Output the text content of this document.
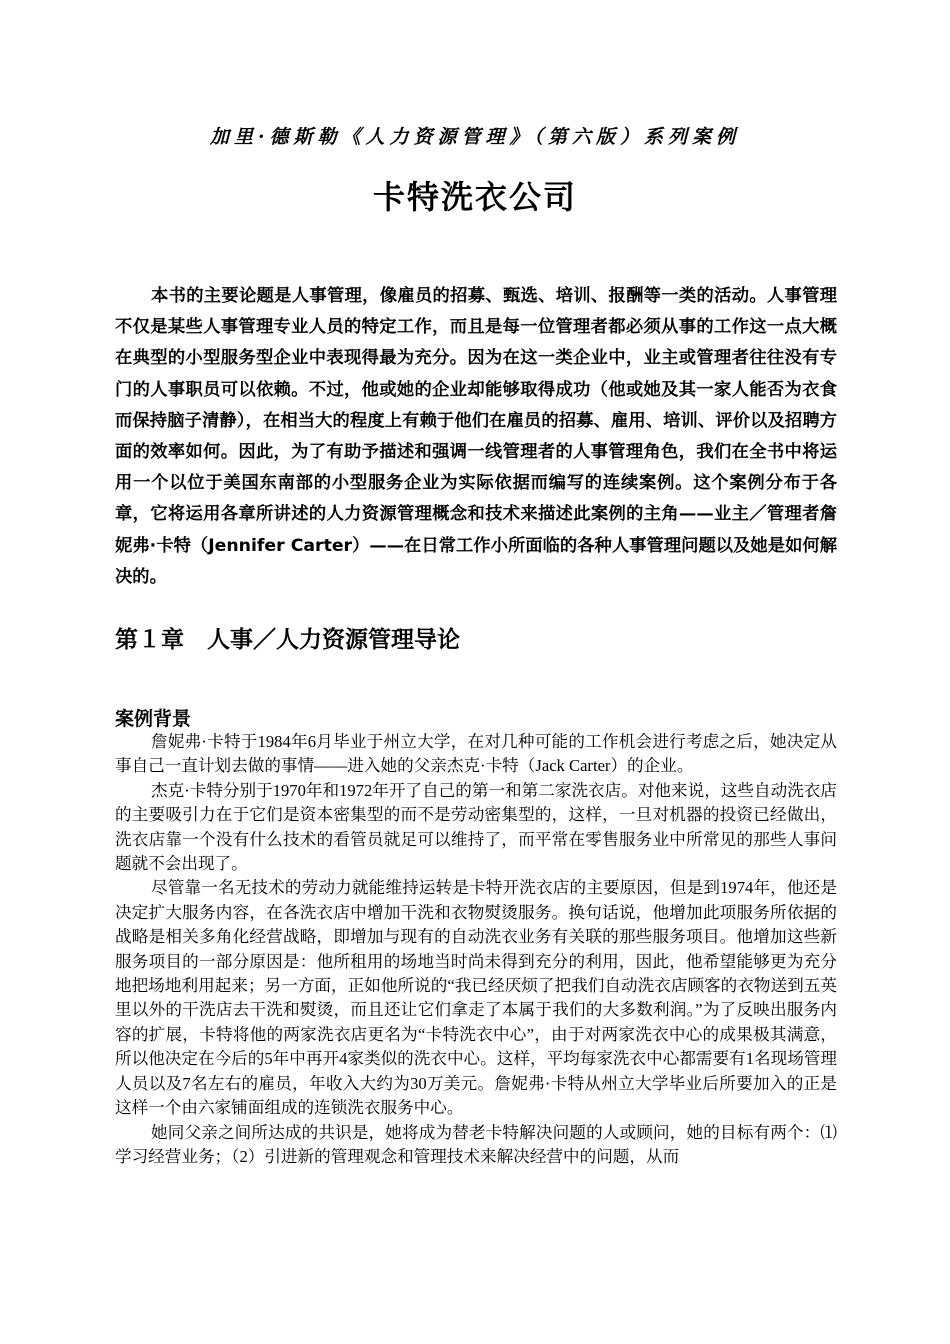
加里·德斯勒《人力资源管理》（第六版）系列案例
卡特洗衣公司

本书的主要论题是人事管理，像雇员的招募、甄选、培训、报酬等一类的活动。人事管理不仅是某些人事管理专业人员的特定工作，而且是每一位管理者都必须从事的工作这一点大概在典型的小型服务型企业中表现得最为充分。因为在这一类企业中，业主或管理者往往没有专门的人事职员可以依赖。不过，他或她的企业却能够取得成功（他或她及其一家人能否为衣食而保持脑子清静），在相当大的程度上有赖于他们在雇员的招募、雇用、培训、评价以及招聘方面的效率如何。因此，为了有助予描述和强调一线管理者的人事管理角色，我们在全书中将运用一个以位于美国东南部的小型服务企业为实际依据而编写的连续案例。这个案例分布于各章，它将运用各章所讲述的人力资源管理概念和技术来描述此案例的主角——业主／管理者詹妮弗·卡特（Jennifer Carter）——在日常工作小所面临的各种人事管理问题以及她是如何解决的。

第１章　人事／人力资源管理导论
案例背景

詹妮弗·卡特于1984年6月毕业于州立大学，在对几种可能的工作机会进行考虑之后，她决定从事自己一直计划去做的事情——进入她的父亲杰克·卡特（Jack Carter）的企业。

杰克·卡特分别于1970年和1972年开了自己的第一和第二家洗衣店。对他来说，这些自动洗衣店的主要吸引力在于它们是资本密集型的而不是劳动密集型的，这样，一旦对机器的投资已经做出，洗衣店靠一个没有什么技术的看管员就足可以维持了，而平常在零售服务业中所常见的那些人事问题就不会出现了。

尽管靠一名无技术的劳动力就能维持运转是卡特开洗衣店的主要原因，但是到1974年，他还是决定扩大服务内容，在各洗衣店中增加干洗和衣物熨烫服务。换句话说，他增加此项服务所依据的战略是相关多角化经营战略，即增加与现有的自动洗衣业务有关联的那些服务项目。他增加这些新服务项目的一部分原因是：他所租用的场地当时尚未得到充分的利用，因此，他希望能够更为充分地把场地利用起来；另一方面，正如他所说的“我已经厌烦了把我们自动洗衣店顾客的衣物送到五英里以外的干洗店去干洗和熨烫，而且还让它们拿走了本属于我们的大多数利润。”为了反映出服务内容的扩展，卡特将他的两家洗衣店更名为“卡特洗衣中心”，由于对两家洗衣中心的成果极其满意，所以他决定在今后的5年中再开4家类似的洗衣中心。这样，平均每家洗衣中心都需要有1名现场管理人员以及7名左右的雇员，年收入大约为30万美元。詹妮弗·卡特从州立大学毕业后所要加入的正是这样一个由六家铺面组成的连锁洗衣服务中心。

她同父亲之间所达成的共识是，她将成为替老卡特解决问题的人或顾问，她的目标有两个：⑴学习经营业务；（2）引进新的管理观念和管理技术来解决经营中的问题，从而
